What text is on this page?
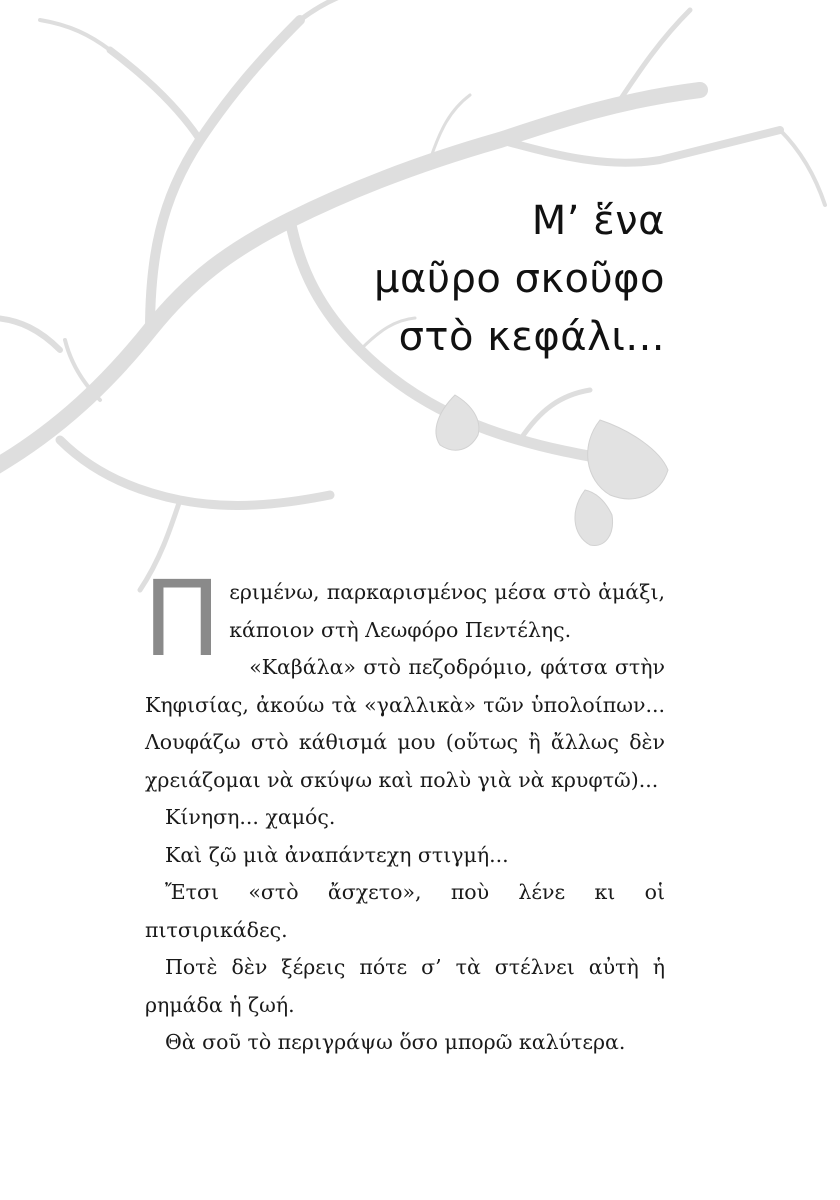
Μ’ ἕνα
μαῦρο σκοῦφο
στὸ κεφάλι...

Περιμένω, παρκαρισμένος μέσα στὸ ἁμάξι, κάποιον στὴ Λεωφόρο Πεντέλης.

«Καβάλα» στὸ πεζοδρόμιο, φάτσα στὴν Κηφισίας, ἀκούω τὰ «γαλλικὰ» τῶν ὑπολοίπων... Λουφάζω στὸ κάθισμά μου (οὕτως ἢ ἄλλως δὲν χρειάζομαι νὰ σκύψω καὶ πολὺ γιὰ νὰ κρυφτῶ)...

Κίνηση... χαμός.

Καὶ ζῶ μιὰ ἀναπάντεχη στιγμή...

Ἔτσι «στὸ ἄσχετο», ποὺ λένε κι οἱ πιτσιρικάδες.

Ποτὲ δὲν ξέρεις πότε σ’ τὰ στέλνει αὐτὴ ἡ ρημάδα ἡ ζωή.

Θὰ σοῦ τὸ περιγράψω ὅσο μπορῶ καλύτερα.
